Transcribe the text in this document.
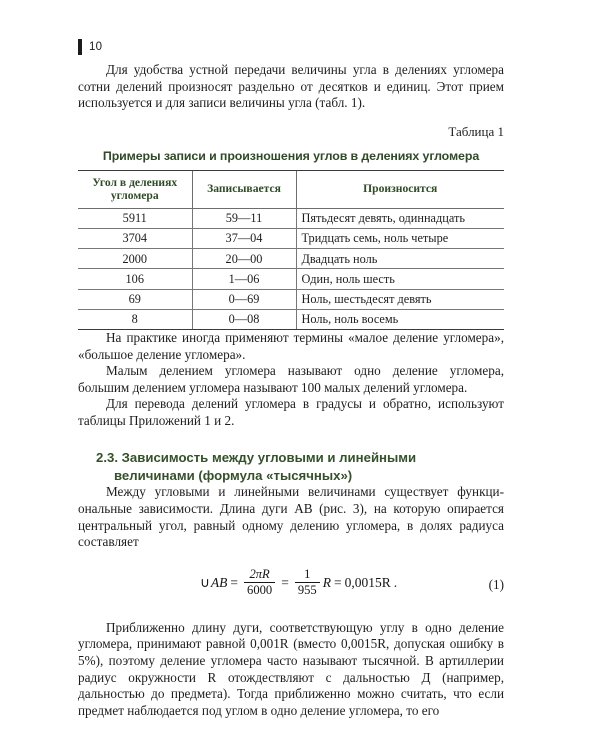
10

Для удобства устной передачи величины угла в делениях угломера сотни делений произносят раздельно от десятков и единиц. Этот прием используется и для записи величины угла (табл. 1).

Таблица 1
Примеры записи и произношения углов в делениях угломера
Угол в делениях угломера	Записывается	Произносится
5911	59—11	Пятьдесят девять, одиннадцать
3704	37—04	Тридцать семь, ноль четыре
2000	20—00	Двадцать ноль
106	1—06	Один, ноль шесть
69	0—69	Ноль, шестьдесят девять
8	0—08	Ноль, ноль восемь

На практике иногда применяют термины «малое деление угломера», «большое деление угломера».

Малым делением угломера называют одно деление угломера, большим делением угломера называют 100 малых делений угломера.

Для перевода делений угломера в градусы и обратно, используют таблицы Приложений 1 и 2.

2.3. Зависимость между угловыми и линейными
величинами (формула «тысячных»)

Между угловыми и линейными величинами существует функциональные зависимости. Длина дуги AB (рис. 3), на которую опирается центральный угол, равный одному делению угломера, в долях радиуса составляет

∪ AB = $\frac{2\pi R}{6000} = \frac{1}{955}$ R = 0,0015R .	(1)

Приближенно длину дуги, соответствующую углу в одно деление угломера, принимают равной 0,001R (вместо 0,0015R, допуская ошибку в 5%), поэтому деление угломера часто называют тысячной. В артиллерии радиус окружности R отождествляют с дальностью Д (например, дальностью до предмета). Тогда приближенно можно считать, что если предмет наблюдается под углом в одно деление угломера, то его
